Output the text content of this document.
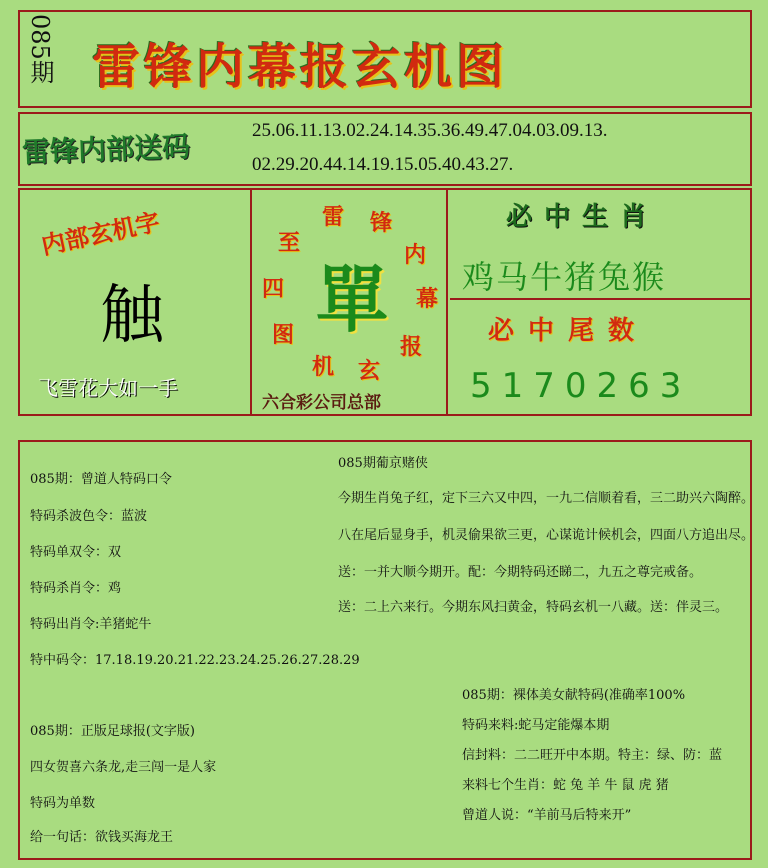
085期 雷锋内幕报玄机图
雷锋内部送码	25.06.11.13.02.24.14.35.36.49.47.04.03.09.13.
02.29.20.44.14.19.15.05.40.43.27.
内部玄机字
触
飞雪花大如一手
雷 锋
内
幕
报
玄
机
图
四
至
單
六合彩公司总部
必中生肖
鸡马牛猪兔猴
必中尾数
5170263
085期：曾道人特码口令
特码杀波色令：蓝波
特码单双令：双
特码杀肖令：鸡
特码出肖令:羊猪蛇牛
特中码令：17.18.19.20.21.22.23.24.25.26.27.28.29
085期葡京赌侠
今期生肖兔子红，定下三六又中四，一九二信顺着看，三二助兴六陶醉。
八在尾后显身手，机灵偷果欲三更，心谋诡计候机会，四面八方追出尽。
送：一并大顺今期开。配：今期特码还睇二，九五之尊完戒备。
送：二上六来行。今期东风扫黄金，特码玄机一八藏。送：伴灵三。
085期：正版足球报(文字版)
四女贺喜六条龙,走三闯一是人家
特码为单数
给一句话：欲钱买海龙王
085期：裸体美女献特码(准确率100%
特码来料:蛇马定能爆本期
信封料：二二旺开中本期。特主：绿、防：蓝
来料七个生肖：蛇 兔 羊 牛 鼠 虎 猪
曾道人说：“羊前马后特来开”
